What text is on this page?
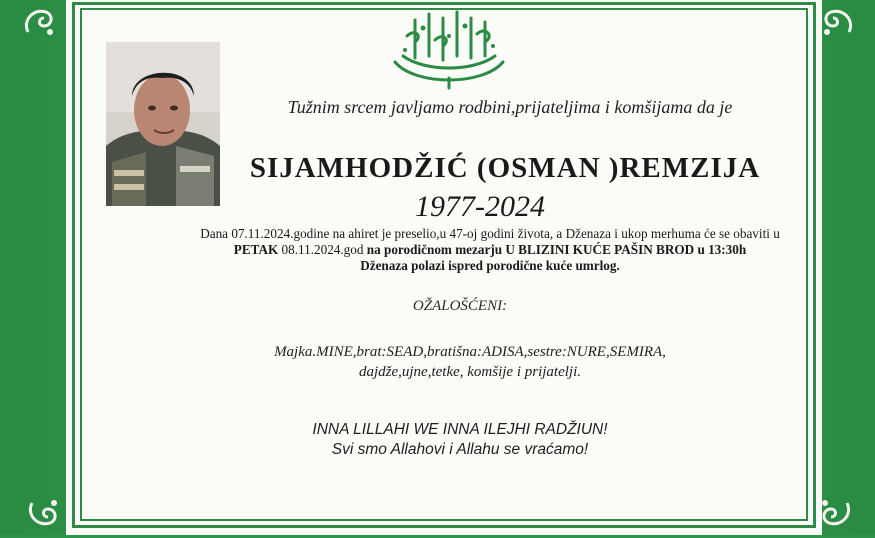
Tužnim srcem javljamo rodbini,prijateljima i komšijama da je
SIJAMHODŽIĆ (OSMAN )REMZIJA
1977-2024
Dana 07.11.2024.godine na ahiret je preselio,u 47-oj godini života, a Dženaza i ukop merhuma će se obaviti u
PETAK 08.11.2024.god na porodičnom mezarju U BLIZINI KUĆE PAŠIN BROD u 13:30h
Dženaza polazi ispred porodične kuće umrlog.
OŽALOŠĆENI:
Majka.MINE,brat:SEAD,bratišna:ADISA,sestre:NURE,SEMIRA,
dajdže,ujne,tetke, komšije i prijatelji.
INNA LILLAHI WE INNA ILEJHI RADŽIUN!
Svi smo Allahovi i Allahu se vraćamo!
